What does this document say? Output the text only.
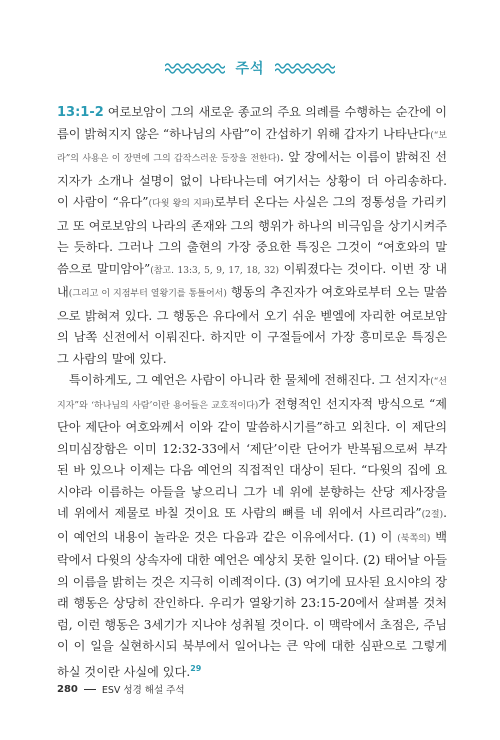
주석

13:1-2 여로보암이 그의 새로운 종교의 주요 의례를 수행하는 순간에 이름이 밝혀지지 않은 “하나님의 사람”이 간섭하기 위해 갑자기 나타난다(“보라”의 사용은 이 장면에 그의 갑작스러운 등장을 전한다). 앞 장에서는 이름이 밝혀진 선지자가 소개나 설명이 없이 나타나는데 여기서는 상황이 더 아리송하다. 이 사람이 “유다”(다윗 왕의 지파)로부터 온다는 사실은 그의 정통성을 가리키고 또 여로보암의 나라의 존재와 그의 행위가 하나의 비극임을 상기시켜주는 듯하다. 그러나 그의 출현의 가장 중요한 특징은 그것이 “여호와의 말씀으로 말미암아”(참고. 13:3, 5, 9, 17, 18, 32) 이뤄졌다는 것이다. 이번 장 내내(그리고 이 지점부터 열왕기를 통틀어서) 행동의 추진자가 여호와로부터 오는 말씀으로 밝혀져 있다. 그 행동은 유다에서 오기 쉬운 벧엘에 자리한 여로보암의 남쪽 신전에서 이뤄진다. 하지만 이 구절들에서 가장 흥미로운 특징은 그 사람의 말에 있다.

특이하게도, 그 예언은 사람이 아니라 한 물체에 전해진다. 그 선지자(“선지자”와 ‘하나님의 사람’이란 용어들은 교호적이다)가 전형적인 선지자적 방식으로 “제단아 제단아 여호와께서 이와 같이 말씀하시기를”하고 외친다. 이 제단의 의미심장함은 이미 12:32-33에서 ‘제단’이란 단어가 반복됨으로써 부각된 바 있으나 이제는 다음 예언의 직접적인 대상이 된다. “다윗의 집에 요시야라 이름하는 아들을 낳으리니 그가 네 위에 분향하는 산당 제사장을 네 위에서 제물로 바칠 것이요 또 사람의 뼈를 네 위에서 사르리라”(2절). 이 예언의 내용이 놀라운 것은 다음과 같은 이유에서다. (1) 이 (북쪽의) 백락에서 다윗의 상속자에 대한 예언은 예상치 못한 일이다. (2) 태어날 아들의 이름을 밝히는 것은 지극히 이례적이다. (3) 여기에 묘사된 요시야의 장래 행동은 상당히 잔인하다. 우리가 열왕기하 23:15-20에서 살펴볼 것처럼, 이런 행동은 3세기가 지나야 성취될 것이다. 이 맥락에서 초점은, 주님이 이 일을 실현하시되 북부에서 일어나는 큰 악에 대한 심판으로 그렇게 하실 것이란 사실에 있다.$^{29}$

280	ESV 성경 해설 주석
